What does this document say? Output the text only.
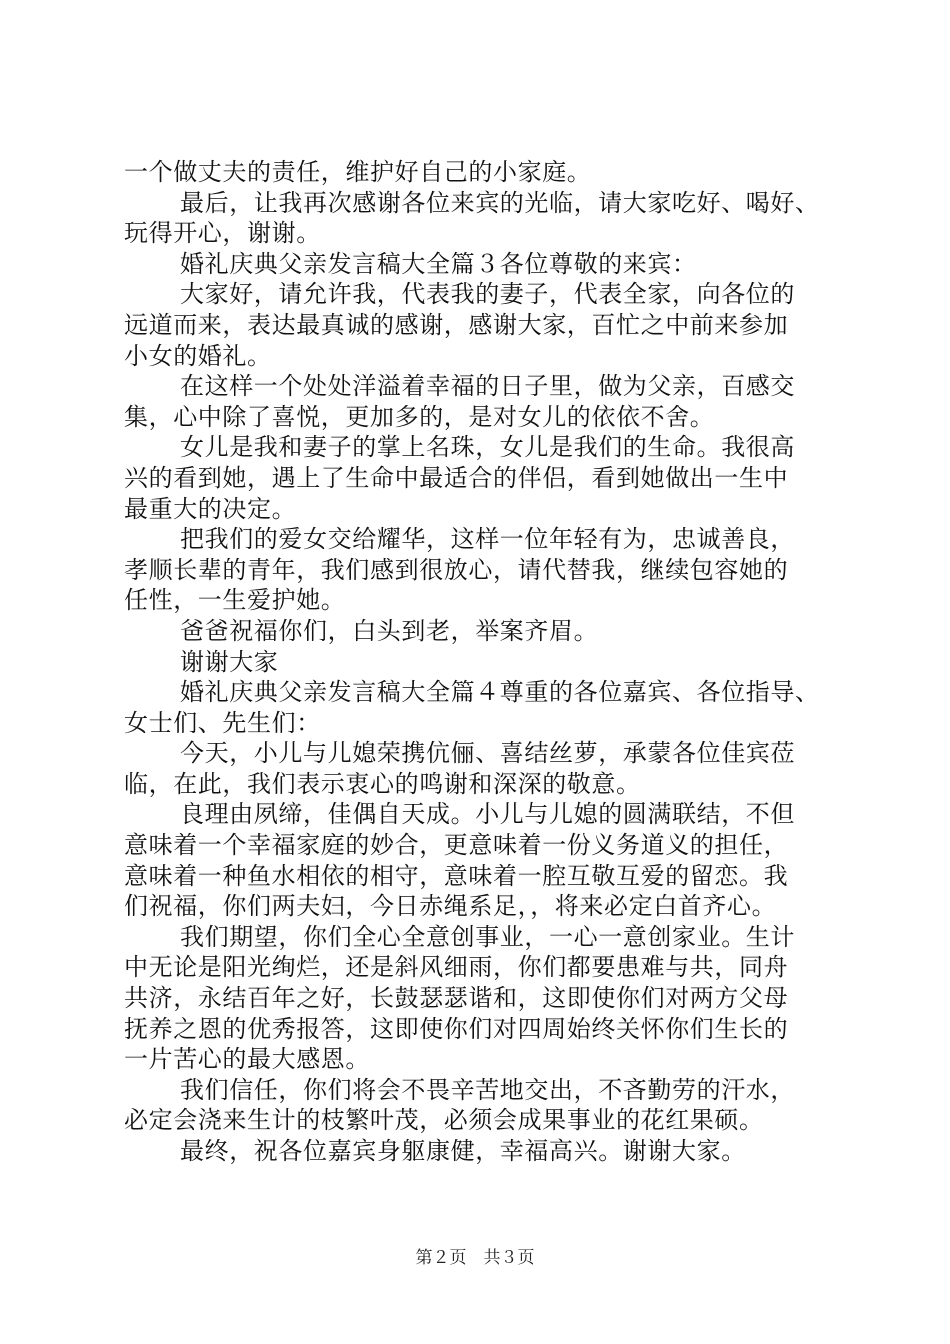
一个做丈夫的责任，维护好自己的小家庭。
最后，让我再次感谢各位来宾的光临，请大家吃好、喝好、
玩得开心，谢谢。
婚礼庆典父亲发言稿大全篇３各位尊敬的来宾：
大家好，请允许我，代表我的妻子，代表全家，向各位的
远道而来，表达最真诚的感谢，感谢大家，百忙之中前来参加
小女的婚礼。
在这样一个处处洋溢着幸福的日子里，做为父亲，百感交
集，心中除了喜悦，更加多的，是对女儿的依依不舍。
女儿是我和妻子的掌上名珠，女儿是我们的生命。我很高
兴的看到她，遇上了生命中最适合的伴侣，看到她做出一生中
最重大的决定。
把我们的爱女交给耀华，这样一位年轻有为，忠诚善良，
孝顺长辈的青年，我们感到很放心，请代替我，继续包容她的
任性，一生爱护她。
爸爸祝福你们，白头到老，举案齐眉。
谢谢大家
婚礼庆典父亲发言稿大全篇４尊重的各位嘉宾、各位指导、
女士们、先生们：
今天，小儿与儿媳荣携伉俪、喜结丝萝，承蒙各位佳宾莅
临，在此，我们表示衷心的鸣谢和深深的敬意。
良理由夙缔，佳偶自天成。小儿与儿媳的圆满联结，不但
意味着一个幸福家庭的妙合，更意味着一份义务道义的担任，
意味着一种鱼水相依的相守，意味着一腔互敬互爱的留恋。我
们祝福，你们两夫妇，今日赤绳系足，，将来必定白首齐心。
我们期望，你们全心全意创事业，一心一意创家业。生计
中无论是阳光绚烂，还是斜风细雨，你们都要患难与共，同舟
共济，永结百年之好，长鼓瑟瑟谐和，这即使你们对两方父母
抚养之恩的优秀报答，这即使你们对四周始终关怀你们生长的
一片苦心的最大感恩。
我们信任，你们将会不畏辛苦地交出，不吝勤劳的汗水，
必定会浇来生计的枝繁叶茂，必须会成果事业的花红果硕。
最终，祝各位嘉宾身躯康健，幸福高兴。谢谢大家。
第２页　共３页
